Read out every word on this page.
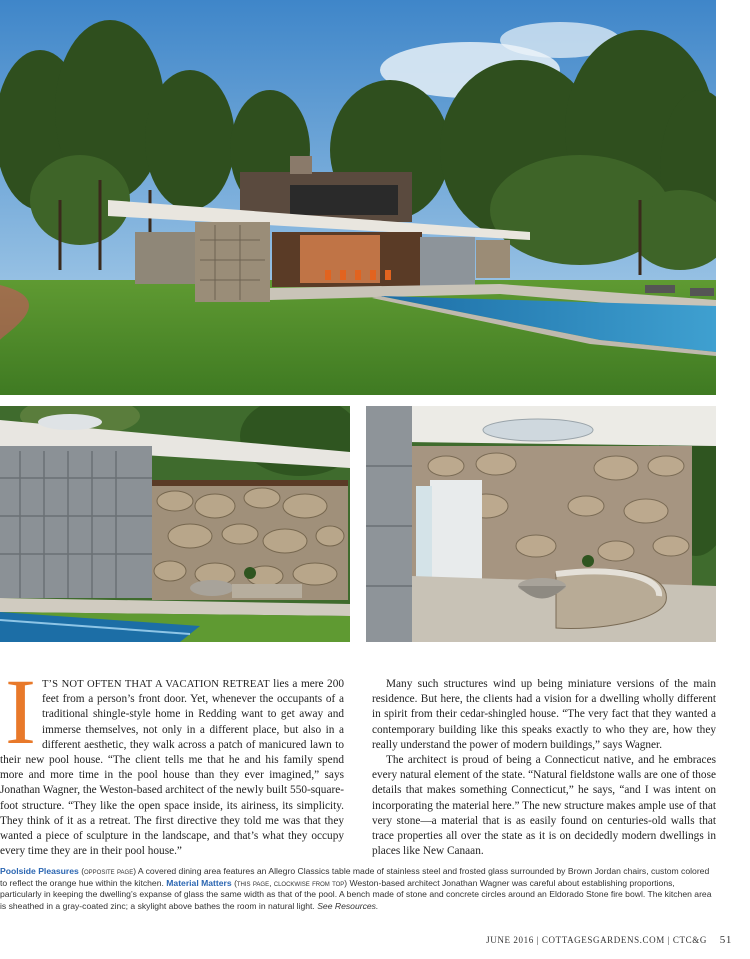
IT’S NOT OFTEN THAT A VACATION RETREAT lies a mere 200 feet from a person’s front door. Yet, whenever the occupants of a traditional shingle-style home in Redding want to get away and immerse themselves, not only in a different place, but also in a different aesthetic, they walk across a patch of manicured lawn to their new pool house. “The client tells me that he and his family spend more and more time in the pool house than they ever imagined,” says Jonathan Wagner, the Weston-based architect of the newly built 550-square-foot structure. “They like the open space inside, its airiness, its simplicity. They think of it as a retreat. The first directive they told me was that they wanted a piece of sculpture in the landscape, and that’s what they occupy every time they are in their pool house.”

Many such structures wind up being miniature versions of the main residence. But here, the clients had a vision for a dwelling wholly different in spirit from their cedar-shingled house. “The very fact that they wanted a contemporary building like this speaks exactly to who they are, how they really understand the power of modern buildings,” says Wagner.

The architect is proud of being a Connecticut native, and he embraces every natural element of the state. “Natural fieldstone walls are one of those details that makes something Connecticut,” he says, “and I was intent on incorporating the material here.” The new structure makes ample use of that very stone—a material that is as easily found on centuries-old walls that trace properties all over the state as it is on decidedly modern dwellings in places like New Canaan.

Poolside Pleasures (opposite page) A covered dining area features an Allegro Classics table made of stainless steel and frosted glass surrounded by Brown Jordan chairs, custom colored to reflect the orange hue within the kitchen. Material Matters (this page, clockwise from top) Weston-based architect Jonathan Wagner was careful about establishing proportions, particularly in keeping the dwelling’s expanse of glass the same width as that of the pool. A bench made of stone and concrete circles around an Eldorado Stone fire bowl. The kitchen area is sheathed in a gray-coated zinc; a skylight above bathes the room in natural light. See Resources.
JUNE 2016 | COTTAGESGARDENS.COM | CTC&G 51
